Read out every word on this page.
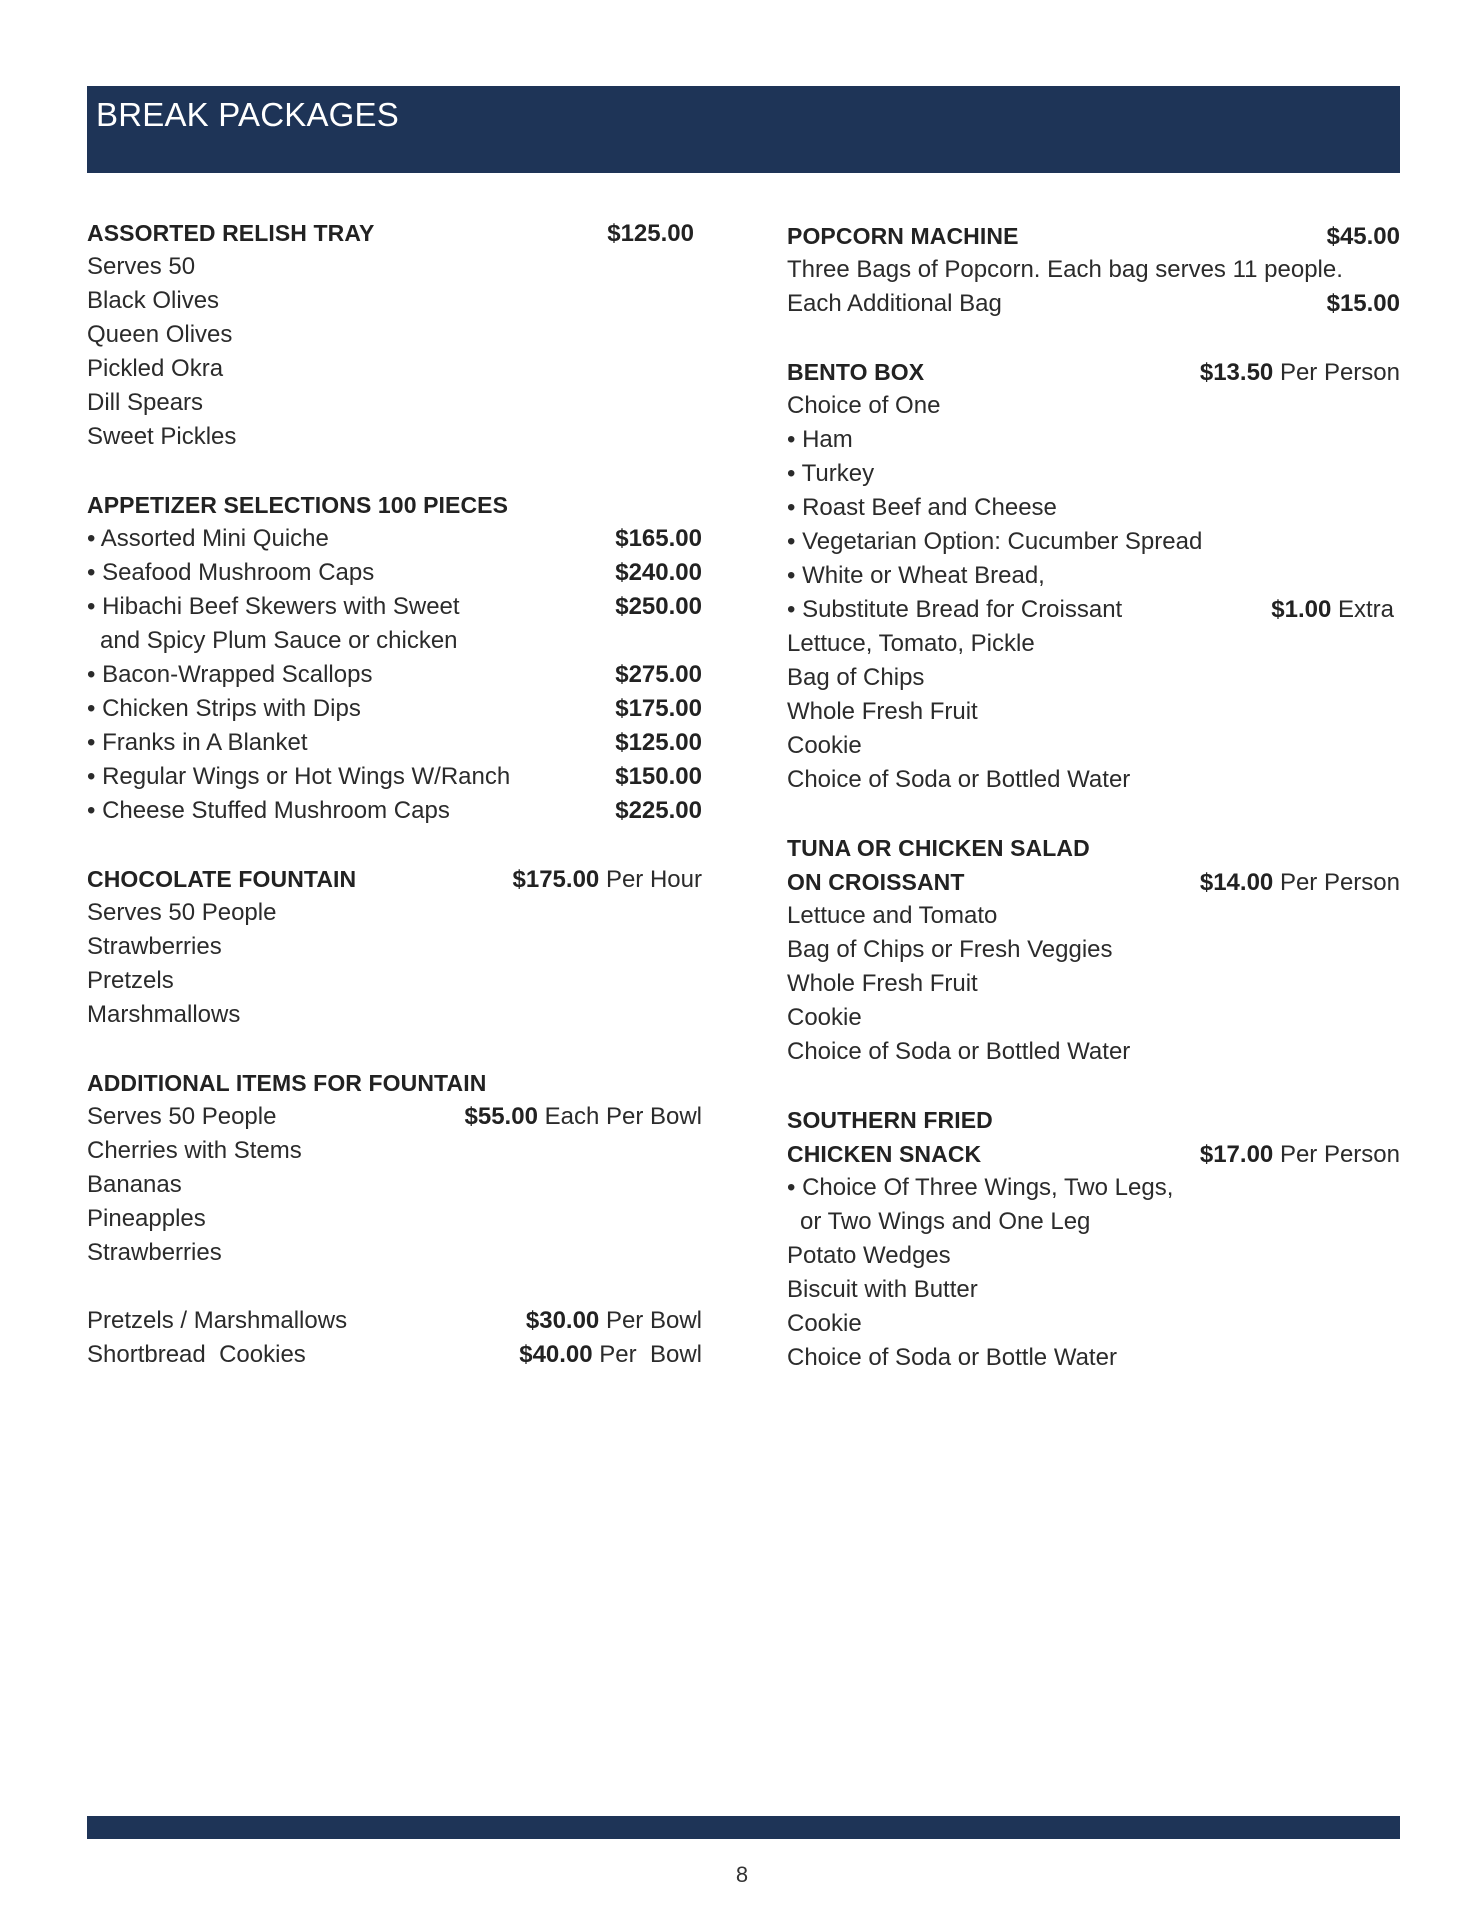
BREAK PACKAGES
ASSORTED RELISH TRAY	$125.00
Serves 50
Black Olives
Queen Olives
Pickled Okra
Dill Spears
Sweet Pickles
APPETIZER SELECTIONS 100 PIECES
• Assorted Mini Quiche	$165.00
• Seafood Mushroom Caps	$240.00
• Hibachi Beef Skewers with Sweet	$250.00
and Spicy Plum Sauce or chicken
• Bacon-Wrapped Scallops	$275.00
• Chicken Strips with Dips	$175.00
• Franks in A Blanket	$125.00
• Regular Wings or Hot Wings W/Ranch	$150.00
• Cheese Stuffed Mushroom Caps	$225.00
CHOCOLATE FOUNTAIN	$175.00 Per Hour
Serves 50 People
Strawberries
Pretzels
Marshmallows
ADDITIONAL ITEMS FOR FOUNTAIN
Serves 50 People	$55.00 Each Per Bowl
Cherries with Stems
Bananas
Pineapples
Strawberries
Pretzels / Marshmallows	$30.00 Per Bowl
Shortbread  Cookies	$40.00 Per  Bowl
POPCORN MACHINE	$45.00
Three Bags of Popcorn. Each bag serves 11 people.
Each Additional Bag	$15.00
BENTO BOX	$13.50 Per Person
Choice of One
• Ham
• Turkey
• Roast Beef and Cheese
• Vegetarian Option: Cucumber Spread
• White or Wheat Bread,
• Substitute Bread for Croissant	$1.00 Extra
Lettuce, Tomato, Pickle
Bag of Chips
Whole Fresh Fruit
Cookie
Choice of Soda or Bottled Water
TUNA OR CHICKEN SALAD
ON CROISSANT	$14.00 Per Person
Lettuce and Tomato
Bag of Chips or Fresh Veggies
Whole Fresh Fruit
Cookie
Choice of Soda or Bottled Water
SOUTHERN FRIED
CHICKEN SNACK	$17.00 Per Person
• Choice Of Three Wings, Two Legs,
or Two Wings and One Leg
Potato Wedges
Biscuit with Butter
Cookie
Choice of Soda or Bottle Water
8
